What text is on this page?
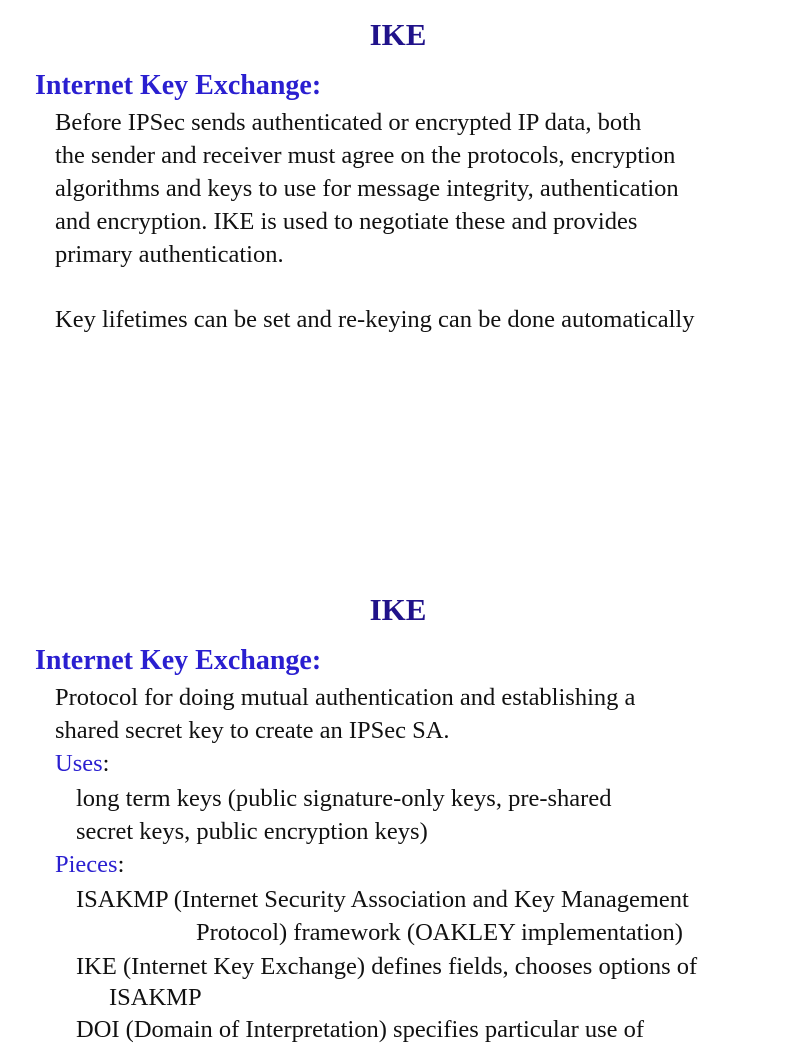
IKE
Internet Key Exchange:
Before IPSec sends authenticated or encrypted IP data, both
the sender and receiver must agree on the protocols, encryption
algorithms and keys to use for message integrity, authentication
and encryption. IKE is used to negotiate these and provides
primary authentication.
Key lifetimes can be set and re-keying can be done automatically
IKE
Internet Key Exchange:
Protocol for doing mutual authentication and establishing a
shared secret key to create an IPSec SA.
Uses:
long term keys (public signature-only keys, pre-shared
secret keys, public encryption keys)
Pieces:
ISAKMP (Internet Security Association and Key Management
Protocol) framework (OAKLEY implementation)
IKE (Internet Key Exchange) defines fields, chooses options of
ISAKMP
DOI (Domain of Interpretation) specifies particular use of
